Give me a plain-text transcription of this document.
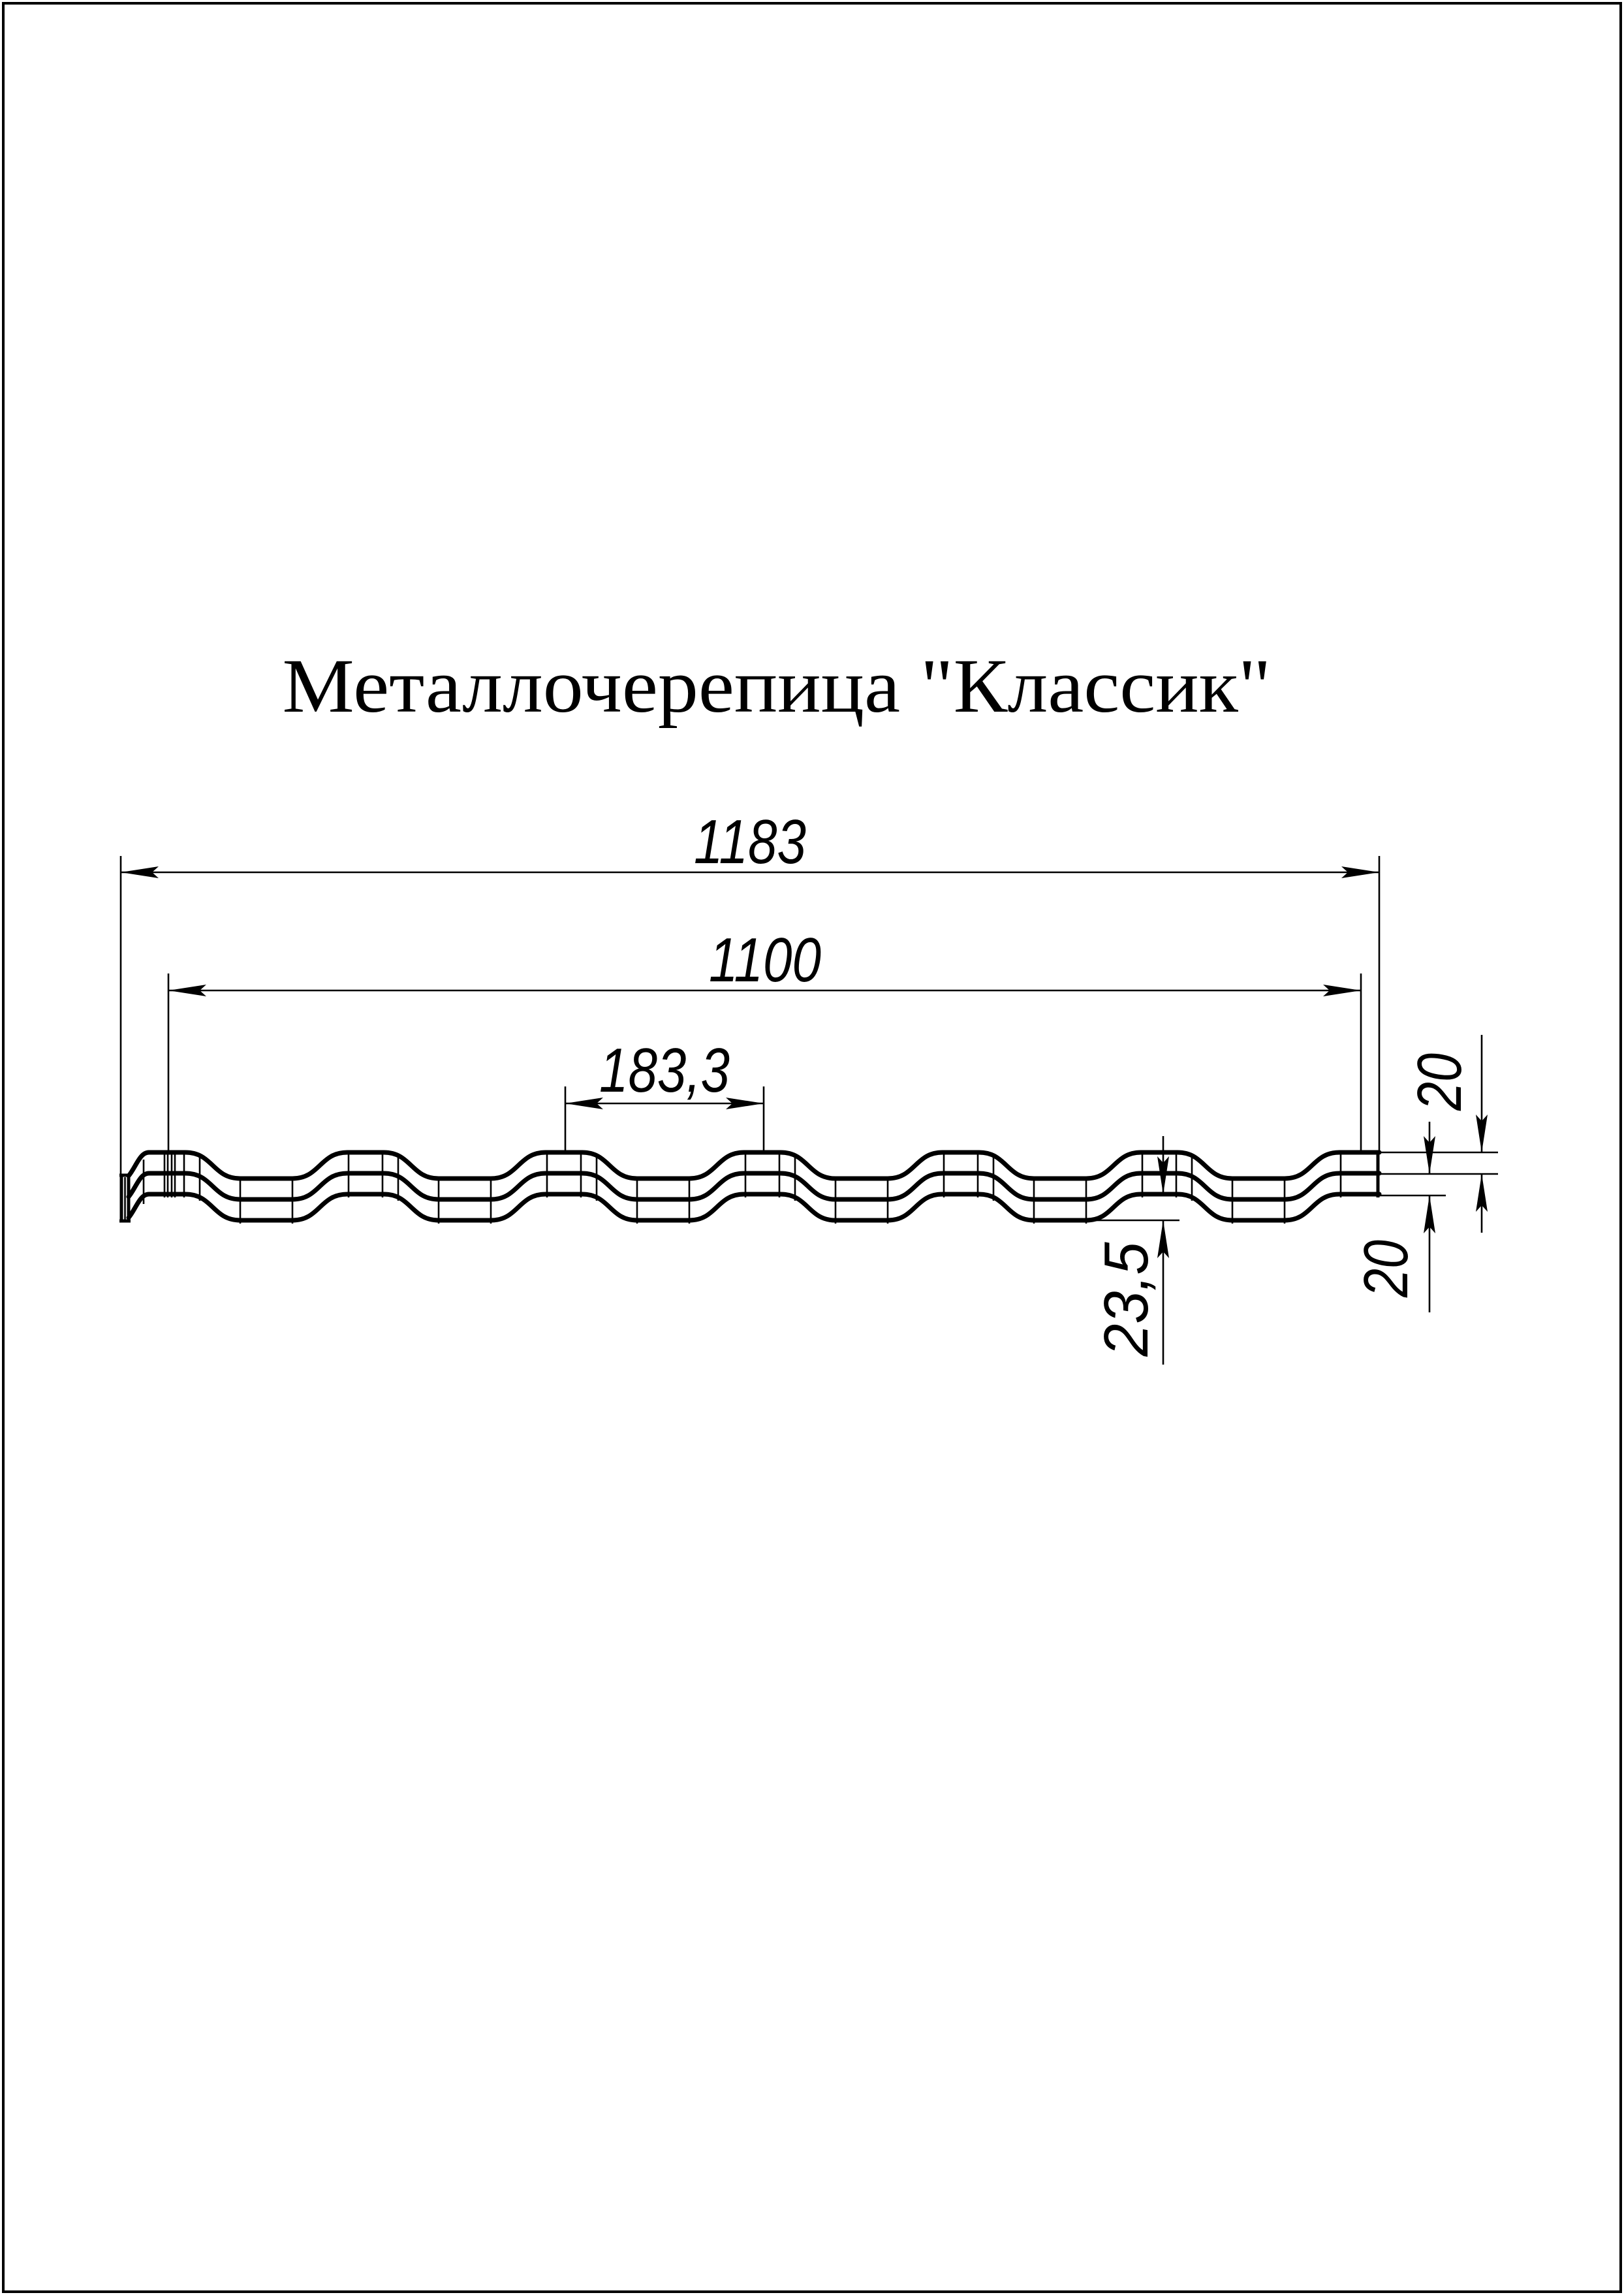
Металлочерепица "Классик"
1183
1100
183,3
23,5
20
20
